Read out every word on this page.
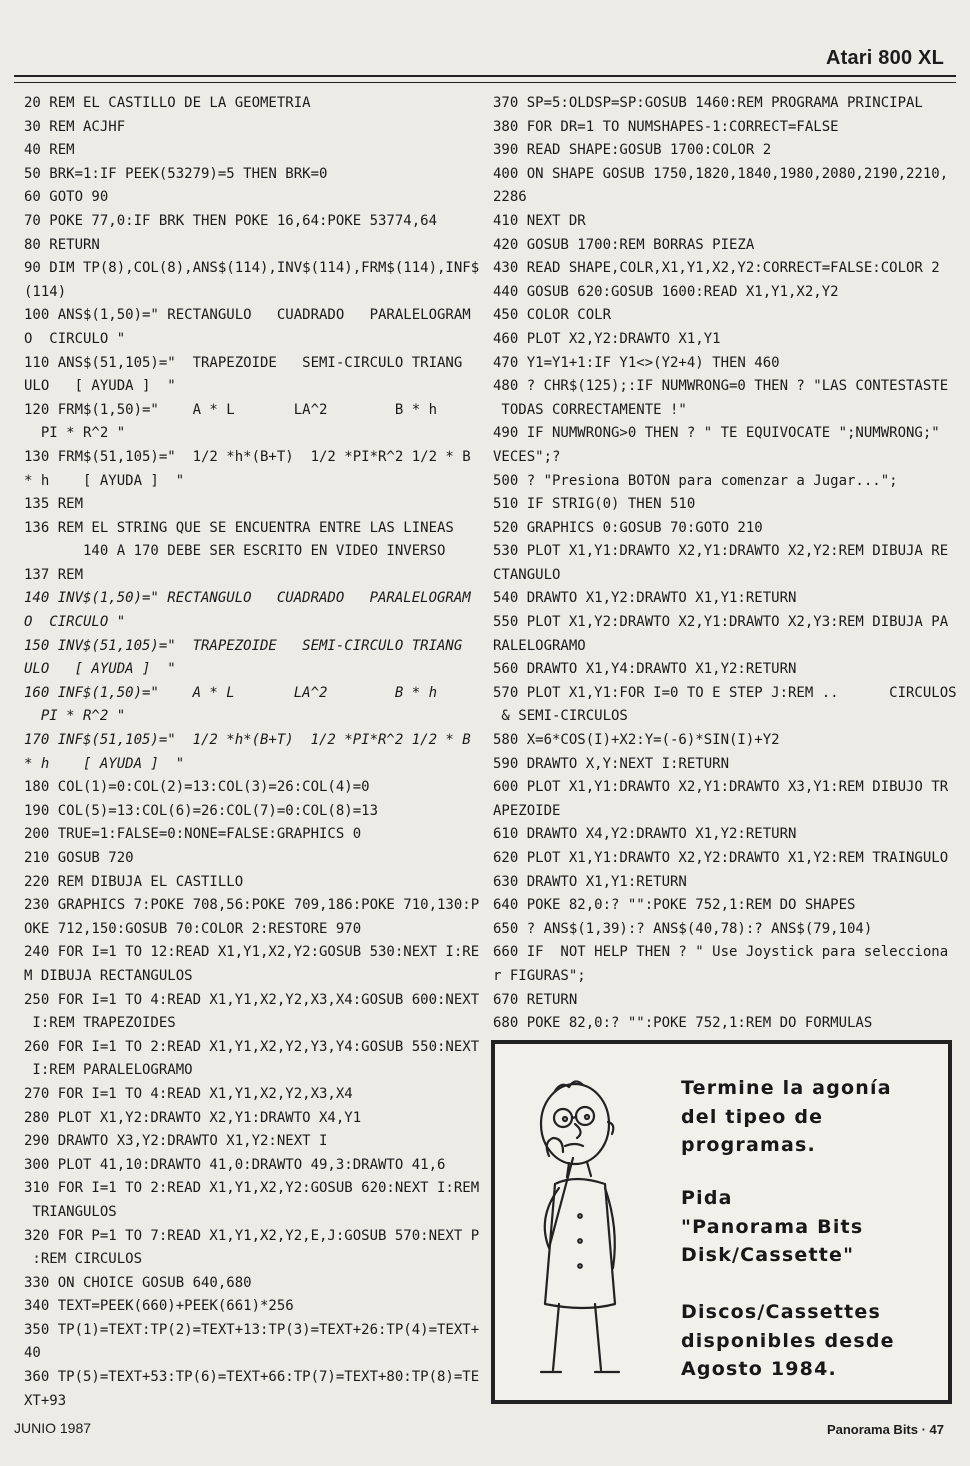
Atari 800 XL
20 REM EL CASTILLO DE LA GEOMETRIA
30 REM ACJHF
40 REM
50 BRK=1:IF PEEK(53279)=5 THEN BRK=0
60 GOTO 90
70 POKE 77,0:IF BRK THEN POKE 16,64:POKE 53774,64
80 RETURN
90 DIM TP(8),COL(8),ANS$(114),INV$(114),FRM$(114),INF$
(114)
100 ANS$(1,50)=" RECTANGULO   CUADRADO   PARALELOGRAM
O  CIRCULO "
110 ANS$(51,105)="  TRAPEZOIDE   SEMI-CIRCULO TRIANG
ULO   [ AYUDA ]  "
120 FRM$(1,50)="    A * L       LA^2        B * h
PI * R^2 "
130 FRM$(51,105)="  1/2 *h*(B+T)  1/2 *PI*R^2 1/2 * B
* h    [ AYUDA ]  "
135 REM
136 REM EL STRING QUE SE ENCUENTRA ENTRE LAS LINEAS
140 A 170 DEBE SER ESCRITO EN VIDEO INVERSO
137 REM
140 INV$(1,50)=" RECTANGULO   CUADRADO   PARALELOGRAM
O  CIRCULO "
150 INV$(51,105)="  TRAPEZOIDE   SEMI-CIRCULO TRIANG
ULO   [ AYUDA ]  "
160 INF$(1,50)="    A * L       LA^2        B * h
PI * R^2 "
170 INF$(51,105)="  1/2 *h*(B+T)  1/2 *PI*R^2 1/2 * B
* h    [ AYUDA ]  "
180 COL(1)=0:COL(2)=13:COL(3)=26:COL(4)=0
190 COL(5)=13:COL(6)=26:COL(7)=0:COL(8)=13
200 TRUE=1:FALSE=0:NONE=FALSE:GRAPHICS 0
210 GOSUB 720
220 REM DIBUJA EL CASTILLO
230 GRAPHICS 7:POKE 708,56:POKE 709,186:POKE 710,130:P
OKE 712,150:GOSUB 70:COLOR 2:RESTORE 970
240 FOR I=1 TO 12:READ X1,Y1,X2,Y2:GOSUB 530:NEXT I:RE
M DIBUJA RECTANGULOS
250 FOR I=1 TO 4:READ X1,Y1,X2,Y2,X3,X4:GOSUB 600:NEXT
I:REM TRAPEZOIDES
260 FOR I=1 TO 2:READ X1,Y1,X2,Y2,Y3,Y4:GOSUB 550:NEXT
I:REM PARALELOGRAMO
270 FOR I=1 TO 4:READ X1,Y1,X2,Y2,X3,X4
280 PLOT X1,Y2:DRAWTO X2,Y1:DRAWTO X4,Y1
290 DRAWTO X3,Y2:DRAWTO X1,Y2:NEXT I
300 PLOT 41,10:DRAWTO 41,0:DRAWTO 49,3:DRAWTO 41,6
310 FOR I=1 TO 2:READ X1,Y1,X2,Y2:GOSUB 620:NEXT I:REM
TRIANGULOS
320 FOR P=1 TO 7:READ X1,Y1,X2,Y2,E,J:GOSUB 570:NEXT P
:REM CIRCULOS
330 ON CHOICE GOSUB 640,680
340 TEXT=PEEK(660)+PEEK(661)*256
350 TP(1)=TEXT:TP(2)=TEXT+13:TP(3)=TEXT+26:TP(4)=TEXT+
40
360 TP(5)=TEXT+53:TP(6)=TEXT+66:TP(7)=TEXT+80:TP(8)=TE
XT+93
370 SP=5:OLDSP=SP:GOSUB 1460:REM PROGRAMA PRINCIPAL
380 FOR DR=1 TO NUMSHAPES-1:CORRECT=FALSE
390 READ SHAPE:GOSUB 1700:COLOR 2
400 ON SHAPE GOSUB 1750,1820,1840,1980,2080,2190,2210,
2286
410 NEXT DR
420 GOSUB 1700:REM BORRAS PIEZA
430 READ SHAPE,COLR,X1,Y1,X2,Y2:CORRECT=FALSE:COLOR 2
440 GOSUB 620:GOSUB 1600:READ X1,Y1,X2,Y2
450 COLOR COLR
460 PLOT X2,Y2:DRAWTO X1,Y1
470 Y1=Y1+1:IF Y1<>(Y2+4) THEN 460
480 ? CHR$(125);:IF NUMWRONG=0 THEN ? "LAS CONTESTASTE
TODAS CORRECTAMENTE !"
490 IF NUMWRONG>0 THEN ? " TE EQUIVOCATE ";NUMWRONG;"
VECES";?
500 ? "Presiona BOTON para comenzar a Jugar...";
510 IF STRIG(0) THEN 510
520 GRAPHICS 0:GOSUB 70:GOTO 210
530 PLOT X1,Y1:DRAWTO X2,Y1:DRAWTO X2,Y2:REM DIBUJA RE
CTANGULO
540 DRAWTO X1,Y2:DRAWTO X1,Y1:RETURN
550 PLOT X1,Y2:DRAWTO X2,Y1:DRAWTO X2,Y3:REM DIBUJA PA
RALELOGRAMO
560 DRAWTO X1,Y4:DRAWTO X1,Y2:RETURN
570 PLOT X1,Y1:FOR I=0 TO E STEP J:REM ..      CIRCULOS
& SEMI-CIRCULOS
580 X=6*COS(I)+X2:Y=(-6)*SIN(I)+Y2
590 DRAWTO X,Y:NEXT I:RETURN
600 PLOT X1,Y1:DRAWTO X2,Y1:DRAWTO X3,Y1:REM DIBUJO TR
APEZOIDE
610 DRAWTO X4,Y2:DRAWTO X1,Y2:RETURN
620 PLOT X1,Y1:DRAWTO X2,Y2:DRAWTO X1,Y2:REM TRAINGULO
630 DRAWTO X1,Y1:RETURN
640 POKE 82,0:? "":POKE 752,1:REM DO SHAPES
650 ? ANS$(1,39):? ANS$(40,78):? ANS$(79,104)
660 IF  NOT HELP THEN ? " Use Joystick para selecciona
r FIGURAS";
670 RETURN
680 POKE 82,0:? "":POKE 752,1:REM DO FORMULAS
Termine la agonía
del tipeo de
programas.
Pida
"Panorama Bits
Disk/Cassette"
Discos/Cassettes
disponibles desde
Agosto 1984.
JUNIO 1987	Panorama Bits · 47
